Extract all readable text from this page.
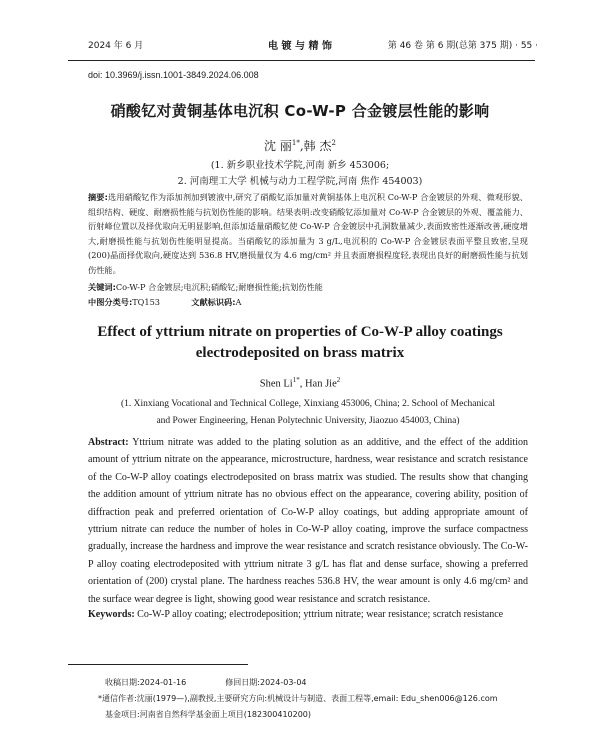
2024 年 6 月	电 镀 与 精 饰	第 46 卷 第 6 期(总第 375 期) · 55 ·
doi: 10.3969/j.issn.1001-3849.2024.06.008
硝酸钇对黄铜基体电沉积 Co-W-P 合金镀层性能的影响
沈 丽$^{1*}$,韩 杰$^2$
(1. 新乡职业技术学院,河南 新乡 453006;
2. 河南理工大学 机械与动力工程学院,河南 焦作 454003)
摘要:选用硝酸钇作为添加剂加到镀液中,研究了硝酸钇添加量对黄铜基体上电沉积 Co-W-P 合金镀层的外观、微观形貌、组织结构、硬度、耐磨损性能与抗划伤性能的影响。结果表明:改变硝酸钇添加量对 Co-W-P 合金镀层的外观、覆盖能力、衍射峰位置以及择优取向无明显影响,但添加适量硝酸钇使 Co-W-P 合金镀层中孔洞数量减少,表面致密性逐渐改善,硬度增大,耐磨损性能与抗划伤性能明显提高。当硝酸钇的添加量为 3 g/L,电沉积的 Co-W-P 合金镀层表面平整且致密,呈现(200)晶面择优取向,硬度达到 536.8 HV,磨损量仅为 4.6 mg/cm² 并且表面磨损程度轻,表现出良好的耐磨损性能与抗划伤性能。
关键词:Co-W-P 合金镀层;电沉积;硝酸钇;耐磨损性能;抗划伤性能
中图分类号:TQ153	文献标识码:A
Effect of yttrium nitrate on properties of Co-W-P alloy coatings
electrodeposited on brass matrix
Shen $Li^{1*}$, Han Jie$^2$
(1. Xinxiang Vocational and Technical College, Xinxiang 453006, China; 2. School of Mechanical
and Power Engineering, Henan Polytechnic University, Jiaozuo 454003, China)
Abstract: Yttrium nitrate was added to the plating solution as an additive, and the effect of the addition amount of yttrium nitrate on the appearance, microstructure, hardness, wear resistance and scratch resistance of the Co-W-P alloy coatings electrodeposited on brass matrix was studied. The results show that changing the addition amount of yttrium nitrate has no obvious effect on the appearance, covering ability, position of diffraction peak and preferred orientation of Co-W-P alloy coatings, but adding appropriate amount of yttrium nitrate can reduce the number of holes in Co-W-P alloy coating, improve the surface compactness gradually, increase the hardness and improve the wear resistance and scratch resistance obviously. The Co-W-P alloy coating electrodeposited with yttrium nitrate 3 g/L has flat and dense surface, showing a preferred orientation of (200) crystal plane. The hardness reaches 536.8 HV, the wear amount is only 4.6 mg/cm² and the surface wear degree is light, showing good wear resistance and scratch resistance.
Keywords: Co-W-P alloy coating; electrodeposition; yttrium nitrate; wear resistance; scratch resistance
收稿日期:2024-01-16	修回日期:2024-03-04
*通信作者:沈丽(1979—),副教授,主要研究方向:机械设计与制造、表面工程等,email: Edu_shen006@126.com
基金项目:河南省自然科学基金面上项目(182300410200)
